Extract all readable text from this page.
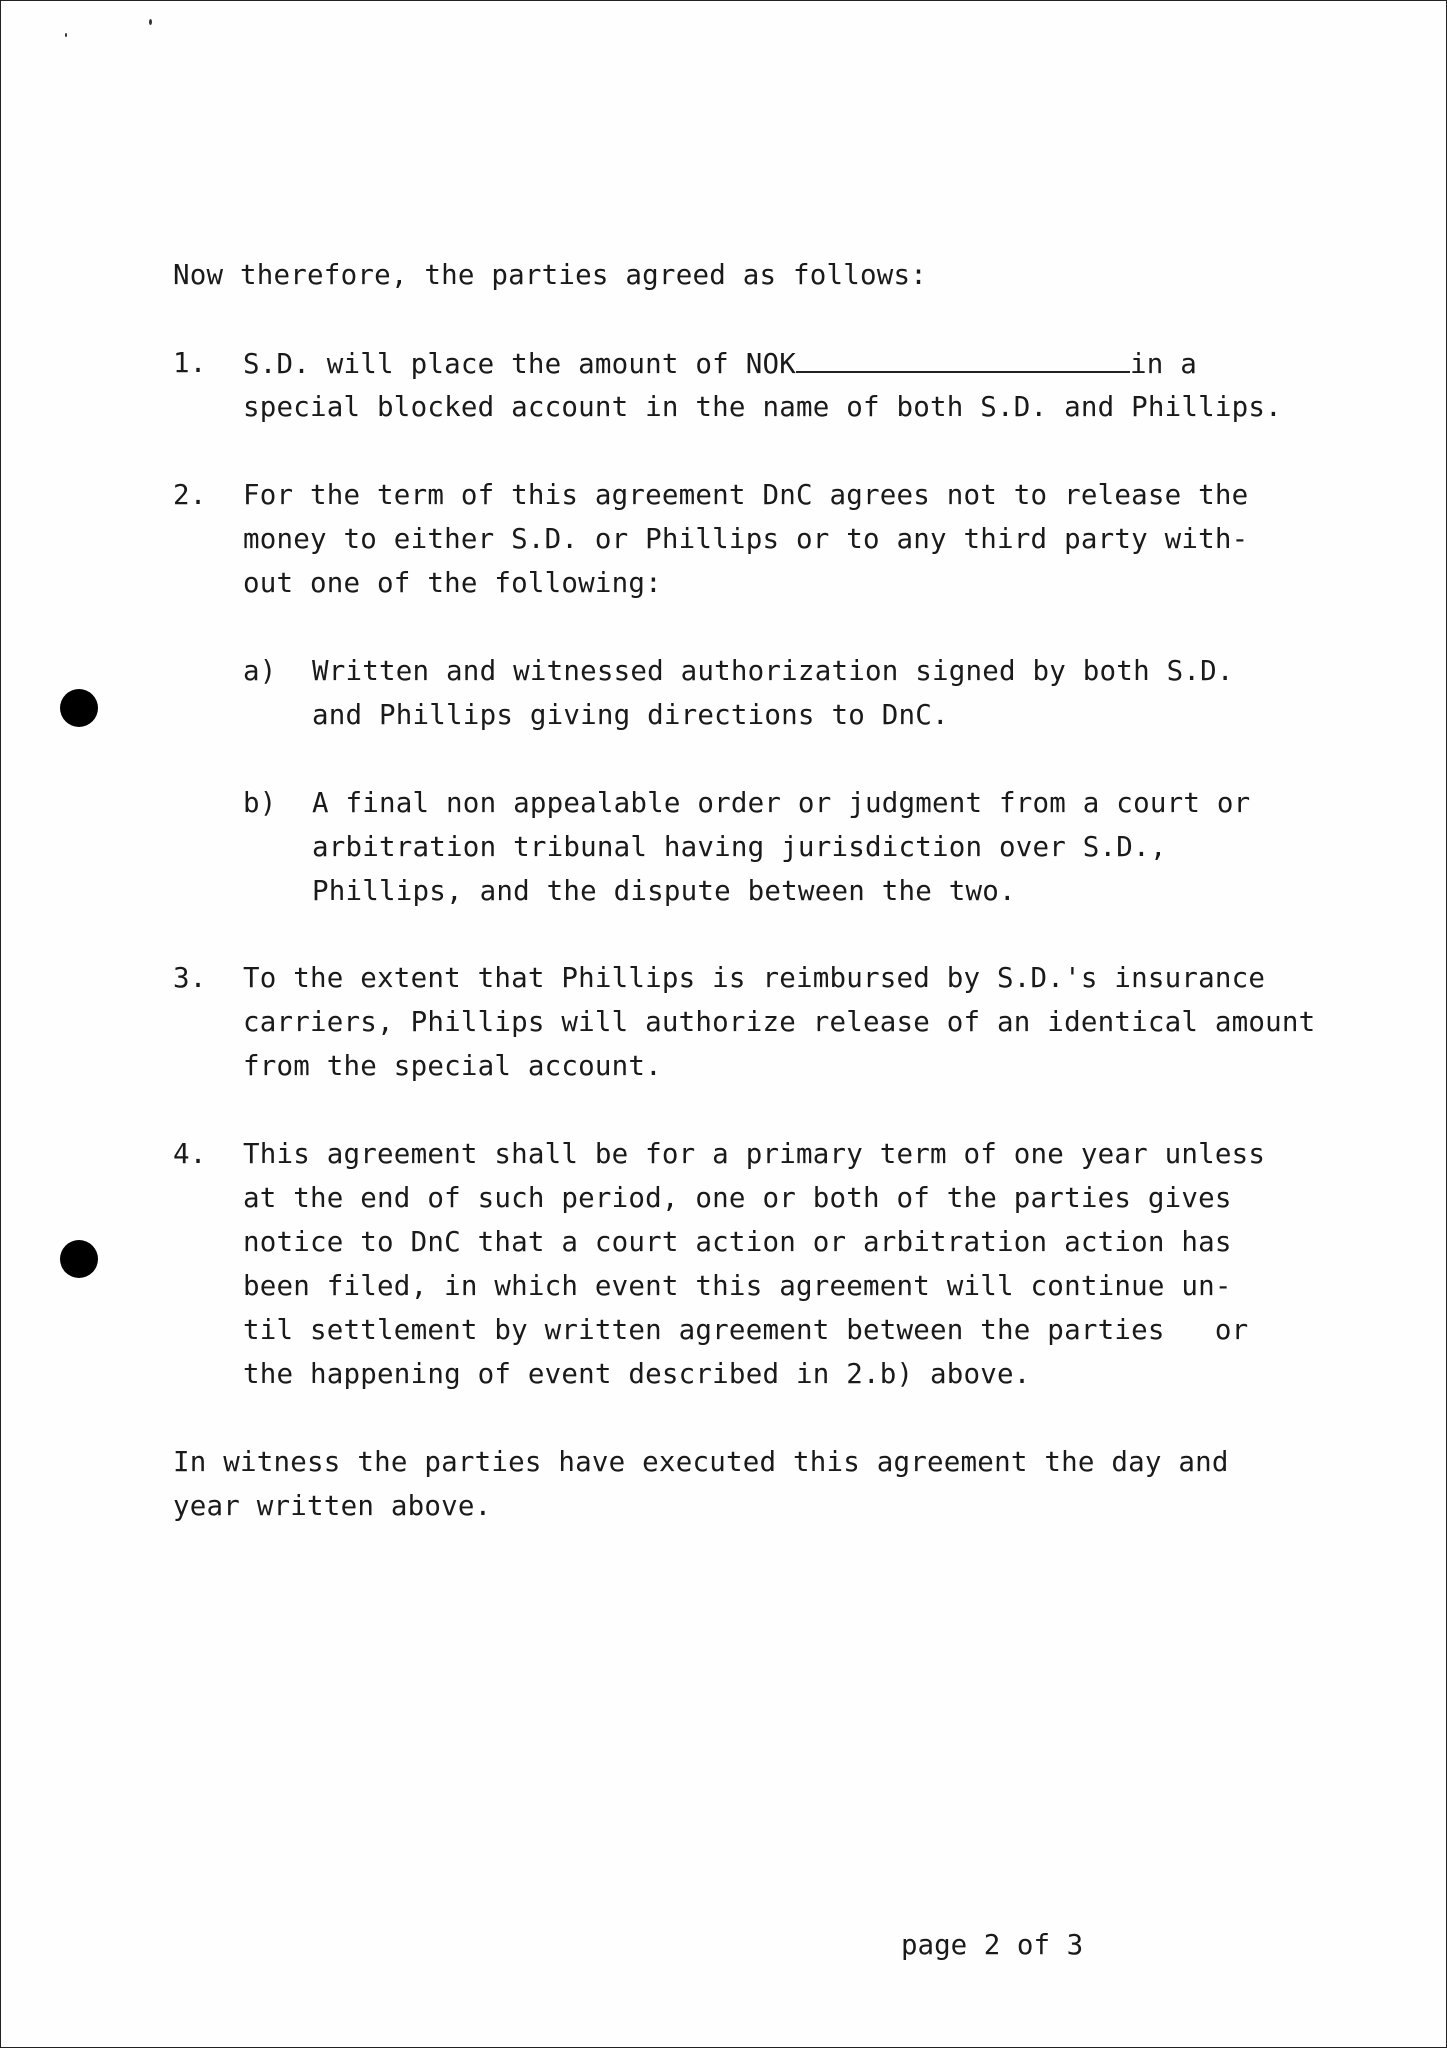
Now therefore, the parties agreed as follows:
1. S.D. will place the amount of NOK	in a
special blocked account in the name of both S.D. and Phillips.
2. For the term of this agreement DnC agrees not to release the
money to either S.D. or Phillips or to any third party with-
out one of the following:
a) Written and witnessed authorization signed by both S.D.
and Phillips giving directions to DnC.
b) A final non appealable order or judgment from a court or
arbitration tribunal having jurisdiction over S.D.,
Phillips, and the dispute between the two.
3. To the extent that Phillips is reimbursed by S.D.'s insurance
carriers, Phillips will authorize release of an identical amount
from the special account.
4. This agreement shall be for a primary term of one year unless
at the end of such period, one or both of the parties gives
notice to DnC that a court action or arbitration action has
been filed, in which event this agreement will continue un-
til settlement by written agreement between the parties   or
the happening of event described in 2.b) above.
In witness the parties have executed this agreement the day and
year written above.
page 2 of 3
